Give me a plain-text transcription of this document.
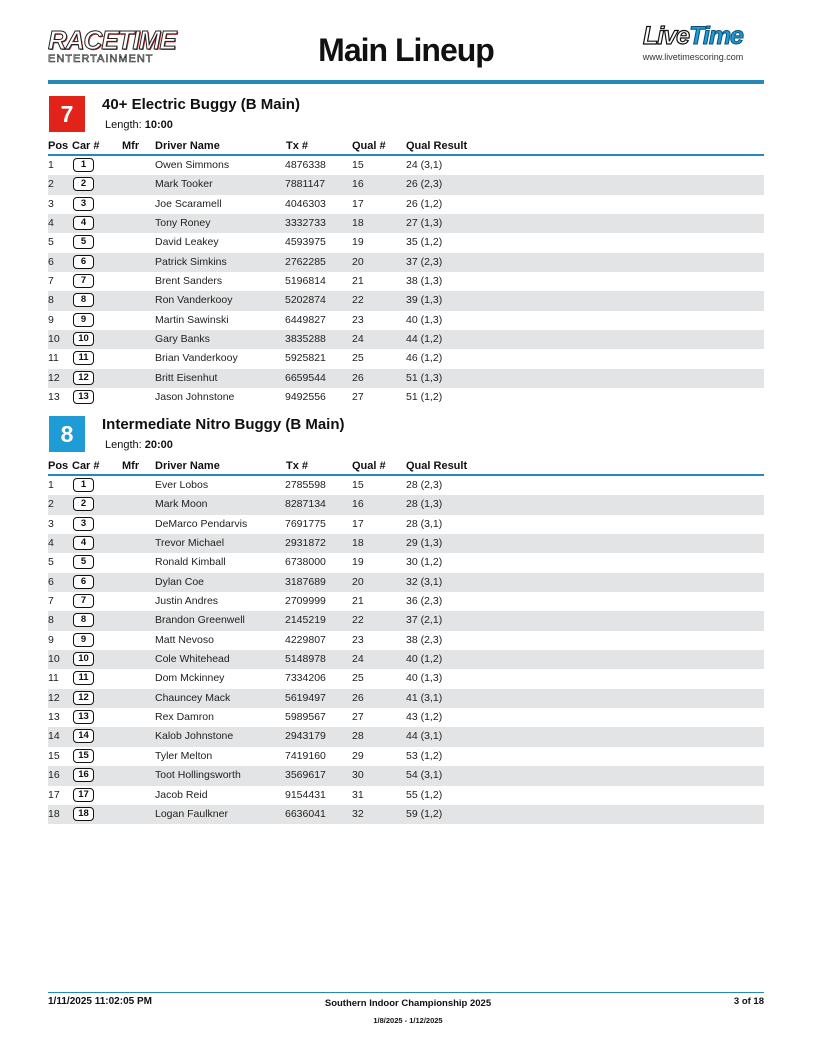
RACETIME
ENTERTAINMENT	Main Lineup	LiveTime
www.livetimescoring.com
7	40+ Electric Buggy (B Main)
Length: 10:00
Pos Car # Mfr Driver Name	Tx #	Qual # Qual Result
1	1	Owen Simmons	4876338 15	24 (3,1)
2	2	Mark Tooker	7881147	16	26 (2,3)
3	3	Joe Scaramell	4046303 17	26 (1,2)
4	4	Tony Roney	3332733 18	27 (1,3)
5	5	David Leakey	4593975 19	35 (1,2)
6	6	Patrick Simkins	2762285 20	37 (2,3)
7	7	Brent Sanders	5196814 21	38 (1,3)
8	8	Ron Vanderkooy	5202874 22	39 (1,3)
9	9	Martin Sawinski	6449827 23	40 (1,3)
10	10	Gary Banks	3835288 24	44 (1,2)
11	11	Brian Vanderkooy	5925821 25	46 (1,2)
12	12	Britt Eisenhut	6659544 26	51 (1,3)
13	13	Jason Johnstone	9492556 27	51 (1,2)
8	Intermediate Nitro Buggy (B Main)
Length: 20:00
Pos Car # Mfr Driver Name	Tx #	Qual # Qual Result
1	1	Ever Lobos	2785598 15	28 (2,3)
2	2	Mark Moon	8287134 16	28 (1,3)
3	3	DeMarco Pendarvis	7691775 17	28 (3,1)
4	4	Trevor Michael	2931872 18	29 (1,3)
5	5	Ronald Kimball	6738000 19	30 (1,2)
6	6	Dylan Coe	3187689 20	32 (3,1)
7	7	Justin Andres	2709999 21	36 (2,3)
8	8	Brandon Greenwell	2145219 22	37 (2,1)
9	9	Matt Nevoso	4229807 23	38 (2,3)
10	10	Cole Whitehead	5148978 24	40 (1,2)
11	11	Dom Mckinney	7334206 25	40 (1,3)
12	12	Chauncey Mack	5619497 26	41 (3,1)
13	13	Rex Damron	5989567 27	43 (1,2)
14	14	Kalob Johnstone	2943179 28	44 (3,1)
15	15	Tyler Melton	7419160 29	53 (1,2)
16	16	Toot Hollingsworth	3569617 30	54 (3,1)
17	17	Jacob Reid	9154431 31	55 (1,2)
18	18	Logan Faulkner	6636041 32	59 (1,2)
1/11/2025 11:02:05 PM	Southern Indoor Championship 2025
1/8/2025 - 1/12/2025
3 of 18
